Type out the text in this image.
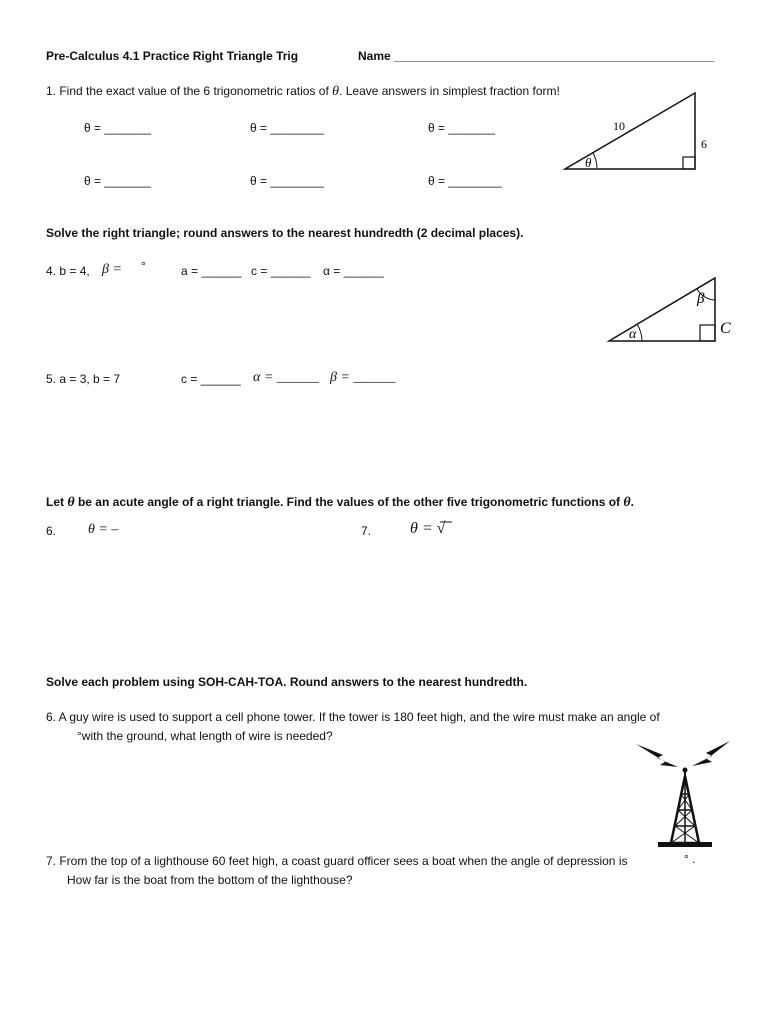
Pre-Calculus 4.1 Practice Right Triangle Trig	Name ________________________________________________
1. Find the exact value of the 6 trigonometric ratios of θ. Leave answers in simplest fraction form!
θ = _______	θ = ________	θ = _______
θ = _______	θ = ________	θ = ________
10
6
θ
Solve the right triangle; round answers to the nearest hundredth (2 decimal places).
4. b = 4, β = °	a = ______ c = ______ α = ______
β
C
α
5. a = 3, b = 7	c = ______ α = ______ β = ______
Let θ be an acute angle of a right triangle. Find the values of the other five trigonometric functions of θ.
6. θ = –	7. θ = √
Solve each problem using SOH-CAH-TOA. Round answers to the nearest hundredth.
6. A guy wire is used to support a cell phone tower. If the tower is 180 feet high, and the wire must make an angle of
°with the ground, what length of wire is needed?
7. From the top of a lighthouse 60 feet high, a coast guard officer sees a boat when the angle of depression is	° .
How far is the boat from the bottom of the lighthouse?
